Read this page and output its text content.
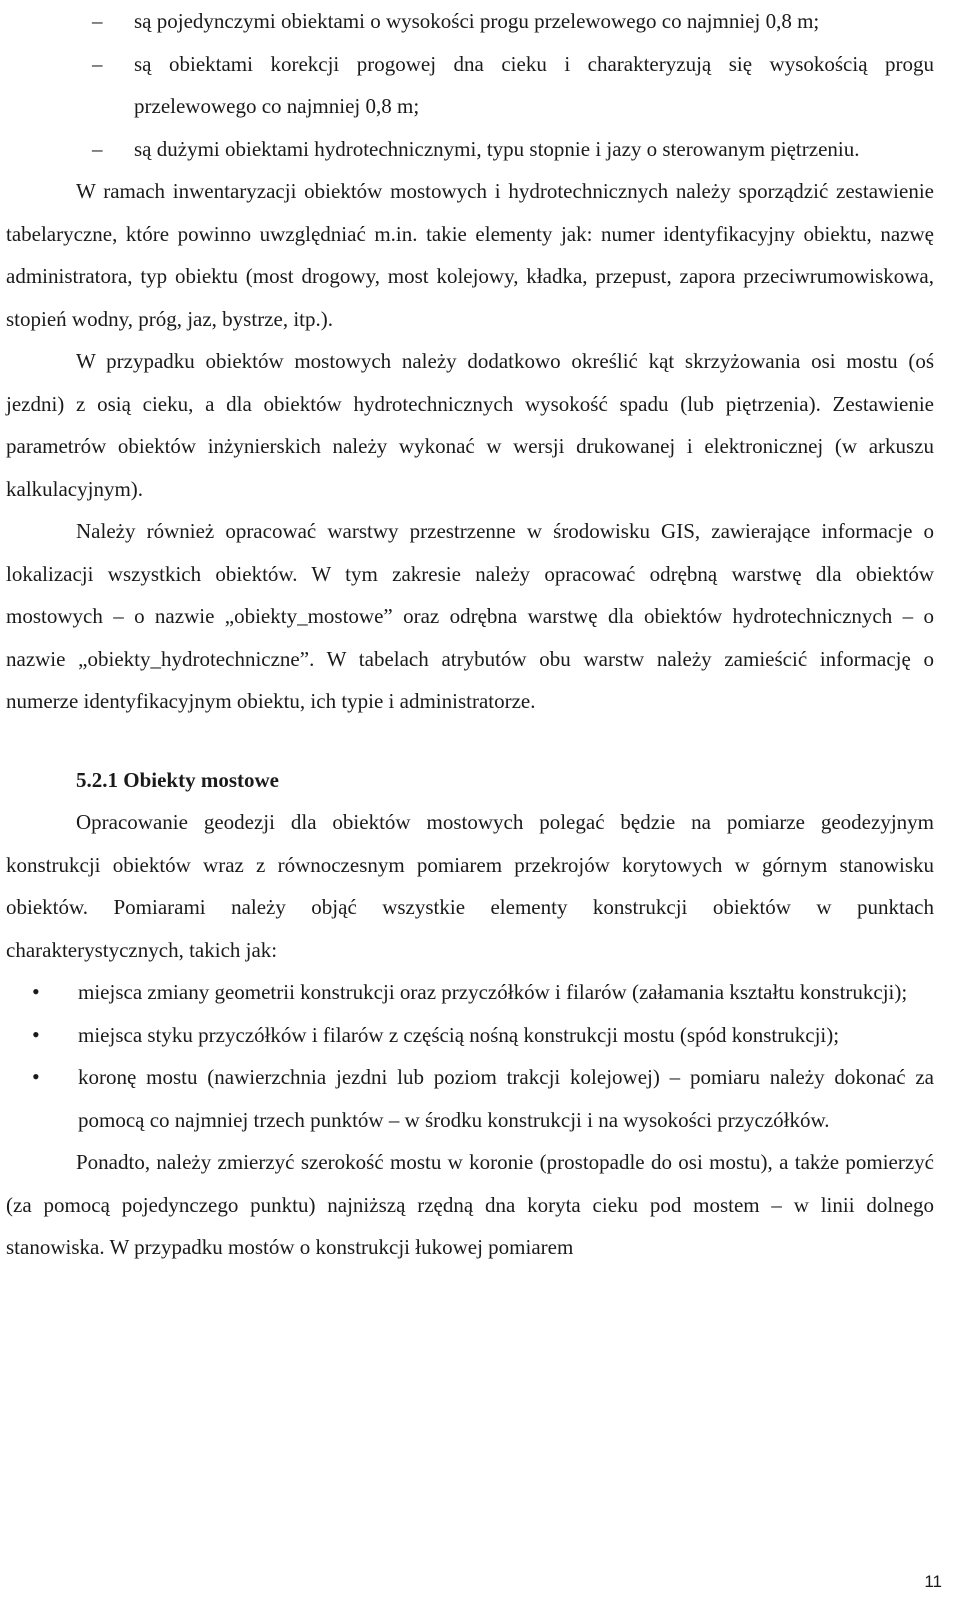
– są pojedynczymi obiektami o wysokości progu przelewowego co najmniej 0,8 m;
– są obiektami korekcji progowej dna cieku i charakteryzują się wysokością progu przelewowego co najmniej 0,8 m;
– są dużymi obiektami hydrotechnicznymi, typu stopnie i jazy o sterowanym piętrzeniu.

W ramach inwentaryzacji obiektów mostowych i hydrotechnicznych należy sporządzić zestawienie tabelaryczne, które powinno uwzględniać m.in. takie elementy jak: numer identyfikacyjny obiektu, nazwę administratora, typ obiektu (most drogowy, most kolejowy, kładka, przepust, zapora przeciwrumowiskowa, stopień wodny, próg, jaz, bystrze, itp.).

W przypadku obiektów mostowych należy dodatkowo określić kąt skrzyżowania osi mostu (oś jezdni) z osią cieku, a dla obiektów hydrotechnicznych wysokość spadu (lub piętrzenia). Zestawienie parametrów obiektów inżynierskich należy wykonać w wersji drukowanej i elektronicznej (w arkuszu kalkulacyjnym).

Należy również opracować warstwy przestrzenne w środowisku GIS, zawierające informacje o lokalizacji wszystkich obiektów. W tym zakresie należy opracować odrębną warstwę dla obiektów mostowych – o nazwie „obiekty_mostowe” oraz odrębna warstwę dla obiektów hydrotechnicznych – o nazwie „obiekty_hydrotechniczne”. W tabelach atrybutów obu warstw należy zamieścić informację o numerze identyfikacyjnym obiektu, ich typie i administratorze.

5.2.1 Obiekty mostowe

Opracowanie geodezji dla obiektów mostowych polegać będzie na pomiarze geodezyjnym konstrukcji obiektów wraz z równoczesnym pomiarem przekrojów korytowych w górnym stanowisku obiektów. Pomiarami należy objąć wszystkie elementy konstrukcji obiektów w punktach charakterystycznych, takich jak:

• miejsca zmiany geometrii konstrukcji oraz przyczółków i filarów (załamania kształtu konstrukcji);
• miejsca styku przyczółków i filarów z częścią nośną konstrukcji mostu (spód konstrukcji);
• koronę mostu (nawierzchnia jezdni lub poziom trakcji kolejowej) – pomiaru należy dokonać za pomocą co najmniej trzech punktów – w środku konstrukcji i na wysokości przyczółków.

Ponadto, należy zmierzyć szerokość mostu w koronie (prostopadle do osi mostu), a także pomierzyć (za pomocą pojedynczego punktu) najniższą rzędną dna koryta cieku pod mostem – w linii dolnego stanowiska. W przypadku mostów o konstrukcji łukowej pomiarem

11
